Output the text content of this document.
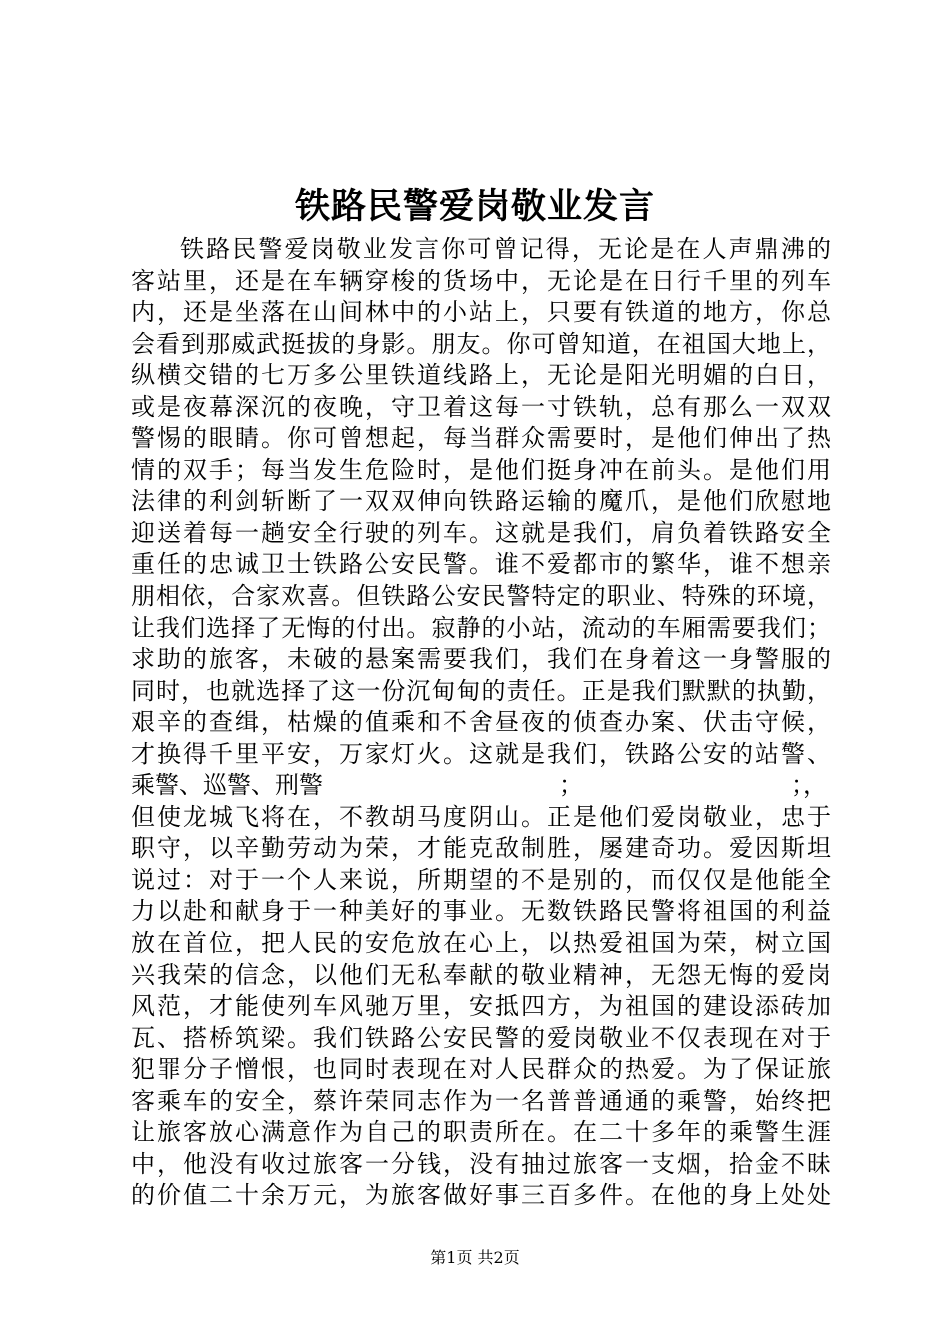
铁路民警爱岗敬业发言
铁路民警爱岗敬业发言你可曾记得，无论是在人声鼎沸的
客站里，还是在车辆穿梭的货场中，无论是在日行千里的列车
内，还是坐落在山间林中的小站上，只要有铁道的地方，你总
会看到那威武挺拔的身影。朋友。你可曾知道，在祖国大地上，
纵横交错的七万多公里铁道线路上，无论是阳光明媚的白日，
或是夜幕深沉的夜晚，守卫着这每一寸铁轨，总有那么一双双
警惕的眼睛。你可曾想起，每当群众需要时，是他们伸出了热
情的双手；每当发生危险时，是他们挺身冲在前头。是他们用
法律的利剑斩断了一双双伸向铁路运输的魔爪，是他们欣慰地
迎送着每一趟安全行驶的列车。这就是我们，肩负着铁路安全
重任的忠诚卫士铁路公安民警。谁不爱都市的繁华，谁不想亲
朋相依，合家欢喜。但铁路公安民警特定的职业、特殊的环境，
让我们选择了无悔的付出。寂静的小站，流动的车厢需要我们；
求助的旅客，未破的悬案需要我们，我们在身着这一身警服的
同时，也就选择了这一份沉甸甸的责任。正是我们默默的执勤，
艰辛的查缉，枯燥的值乘和不舍昼夜的侦查办案、伏击守候，
才换得千里平安，万家灯火。这就是我们，铁路公安的站警、
乘警、巡警、刑警	；	；，
但使龙城飞将在，不教胡马度阴山。正是他们爱岗敬业，忠于
职守，以辛勤劳动为荣，才能克敌制胜，屡建奇功。爱因斯坦
说过：对于一个人来说，所期望的不是别的，而仅仅是他能全
力以赴和献身于一种美好的事业。无数铁路民警将祖国的利益
放在首位，把人民的安危放在心上，以热爱祖国为荣，树立国
兴我荣的信念，以他们无私奉献的敬业精神，无怨无悔的爱岗
风范，才能使列车风驰万里，安抵四方，为祖国的建设添砖加
瓦、搭桥筑梁。我们铁路公安民警的爱岗敬业不仅表现在对于
犯罪分子憎恨，也同时表现在对人民群众的热爱。为了保证旅
客乘车的安全，蔡许荣同志作为一名普普通通的乘警，始终把
让旅客放心满意作为自己的职责所在。在二十多年的乘警生涯
中，他没有收过旅客一分钱，没有抽过旅客一支烟，拾金不昧
的价值二十余万元，为旅客做好事三百多件。在他的身上处处
第1页 共2页
